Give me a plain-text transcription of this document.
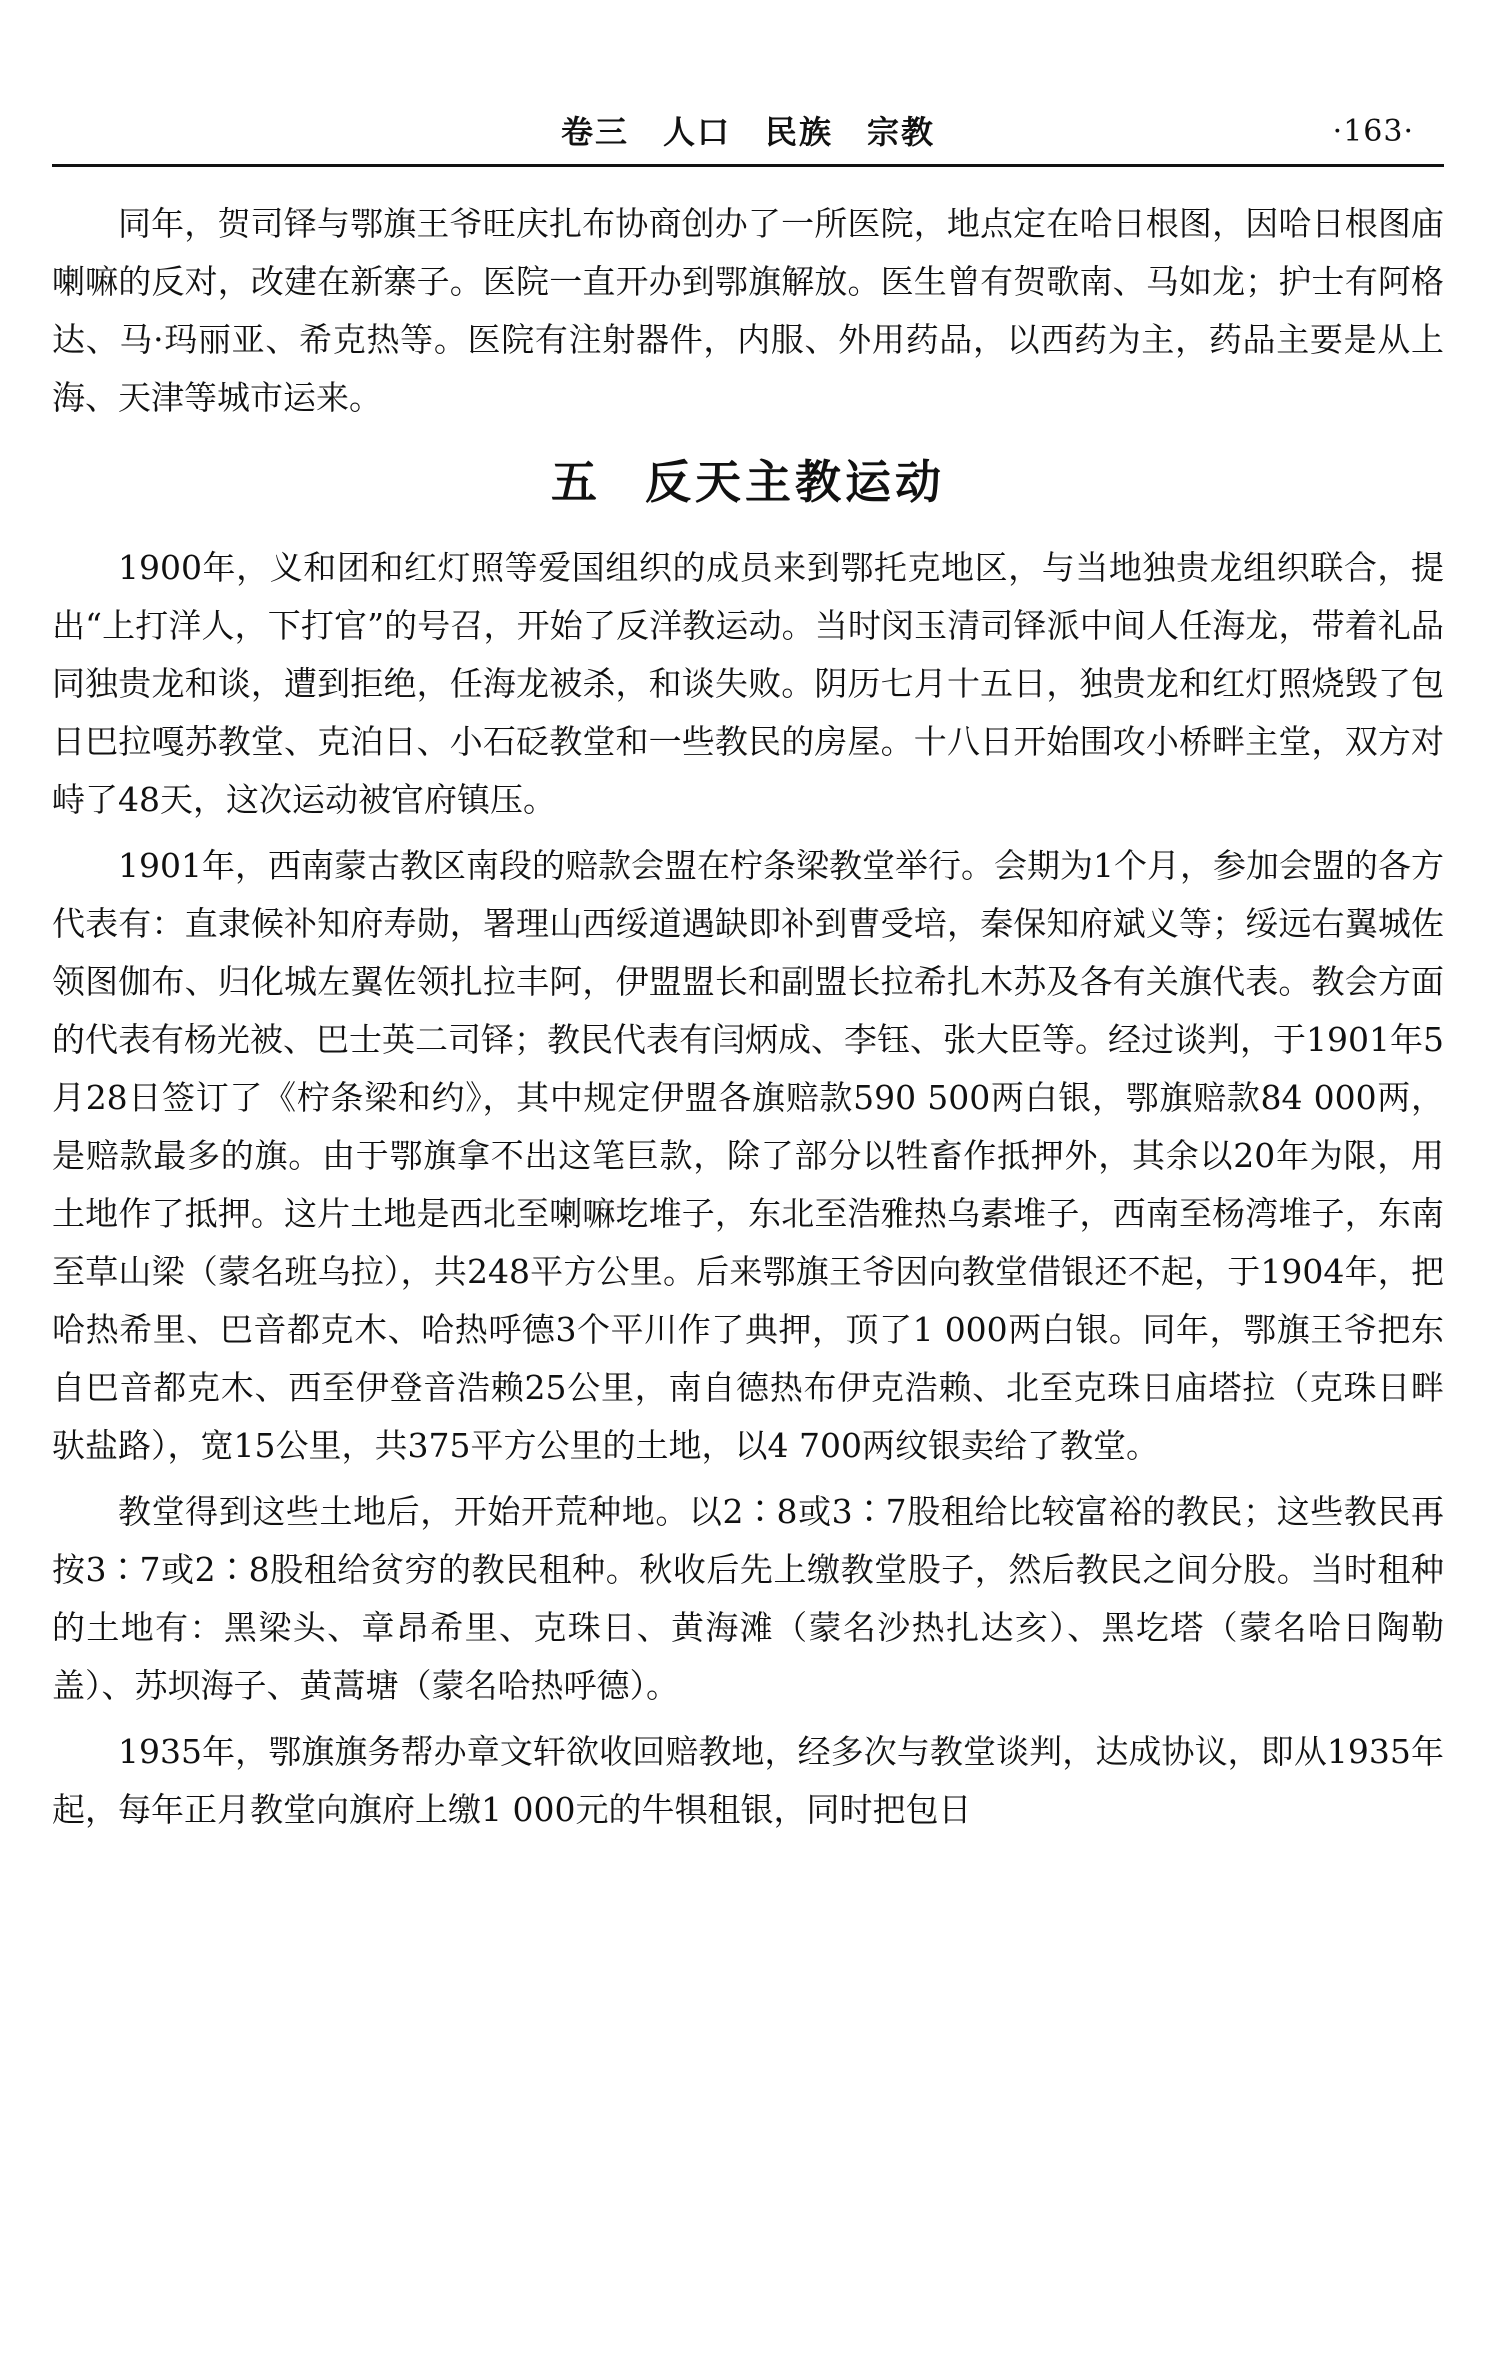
卷三　人口　民族　宗教	·163·

同年，贺司铎与鄂旗王爷旺庆扎布协商创办了一所医院，地点定在哈日根图，因哈日根图庙喇嘛的反对，改建在新寨子。医院一直开办到鄂旗解放。医生曾有贺歌南、马如龙；护士有阿格达、马·玛丽亚、希克热等。医院有注射器件，内服、外用药品，以西药为主，药品主要是从上海、天津等城市运来。

五 反天主教运动

1900年，义和团和红灯照等爱国组织的成员来到鄂托克地区，与当地独贵龙组织联合，提出“上打洋人，下打官”的号召，开始了反洋教运动。当时闵玉清司铎派中间人任海龙，带着礼品同独贵龙和谈，遭到拒绝，任海龙被杀，和谈失败。阴历七月十五日，独贵龙和红灯照烧毁了包日巴拉嘎苏教堂、克泊日、小石砭教堂和一些教民的房屋。十八日开始围攻小桥畔主堂，双方对峙了48天，这次运动被官府镇压。

1901年，西南蒙古教区南段的赔款会盟在柠条梁教堂举行。会期为1个月，参加会盟的各方代表有：直隶候补知府寿勋，署理山西绥道遇缺即补到曹受培，秦保知府斌义等；绥远右翼城佐领图伽布、归化城左翼佐领扎拉丰阿，伊盟盟长和副盟长拉希扎木苏及各有关旗代表。教会方面的代表有杨光被、巴士英二司铎；教民代表有闫炳成、李钰、张大臣等。经过谈判，于1901年5月28日签订了《柠条梁和约》，其中规定伊盟各旗赔款590 500两白银，鄂旗赔款84 000两，是赔款最多的旗。由于鄂旗拿不出这笔巨款，除了部分以牲畜作抵押外，其余以20年为限，用土地作了抵押。这片土地是西北至喇嘛圪堆子，东北至浩雅热乌素堆子，西南至杨湾堆子，东南至草山梁（蒙名班乌拉），共248平方公里。后来鄂旗王爷因向教堂借银还不起，于1904年，把哈热希里、巴音都克木、哈热呼德3个平川作了典押，顶了1 000两白银。同年，鄂旗王爷把东自巴音都克木、西至伊登音浩赖25公里，南自德热布伊克浩赖、北至克珠日庙塔拉（克珠日畔驮盐路），宽15公里，共375平方公里的土地，以4 700两纹银卖给了教堂。

教堂得到这些土地后，开始开荒种地。以2∶8或3∶7股租给比较富裕的教民；这些教民再按3∶7或2∶8股租给贫穷的教民租种。秋收后先上缴教堂股子，然后教民之间分股。当时租种的土地有：黑梁头、章昂希里、克珠日、黄海滩（蒙名沙热扎达亥）、黑圪塔（蒙名哈日陶勒盖）、苏坝海子、黄蒿塘（蒙名哈热呼德）。

1935年，鄂旗旗务帮办章文轩欲收回赔教地，经多次与教堂谈判，达成协议，即从1935年起，每年正月教堂向旗府上缴1 000元的牛犋租银，同时把包日
